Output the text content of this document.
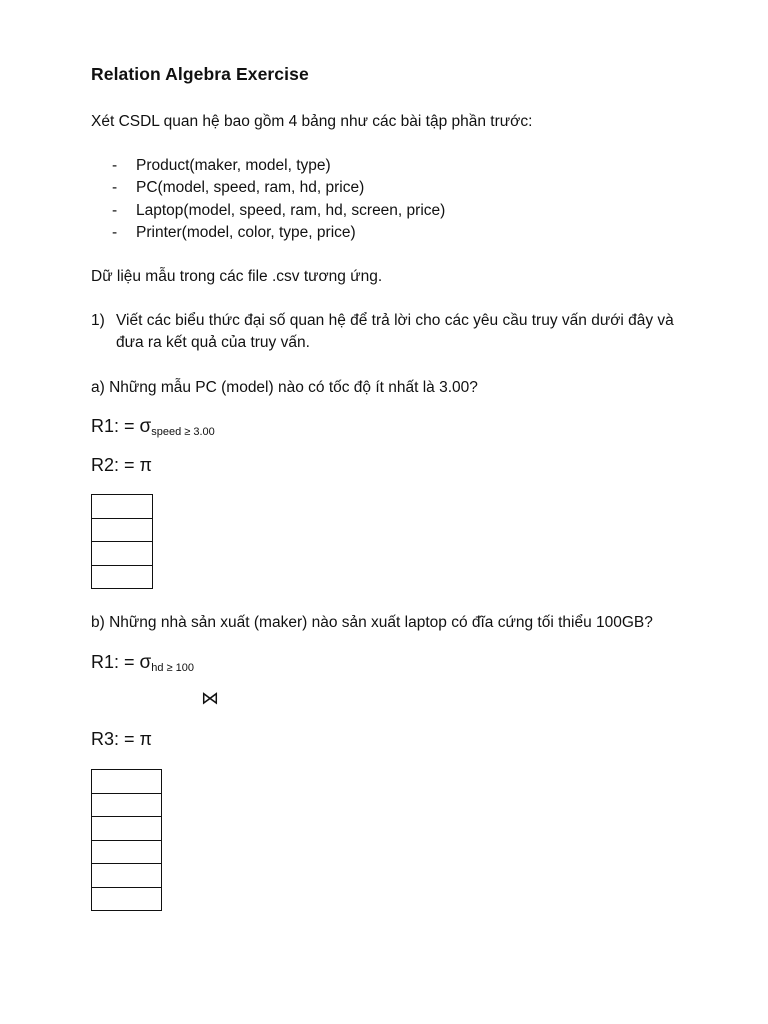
Relation Algebra Exercise
Xét CSDL quan hệ bao gồm 4 bảng như các bài tập phần trước:
- Product(maker, model, type)
- PC(model, speed, ram, hd, price)
- Laptop(model, speed, ram, hd, screen, price)
- Printer(model, color, type, price)
Dữ liệu mẫu trong các file .csv tương ứng.
1) Viết các biểu thức đại số quan hệ để trả lời cho các yêu cầu truy vấn dưới đây và
đưa ra kết quả của truy vấn.
a) Những mẫu PC (model) nào có tốc độ ít nhất là 3.00?
R1: = $\sigma_{speed \ge 3.00}$
R2: = π

b) Những nhà sản xuất (maker) nào sản xuất laptop có đĩa cứng tối thiểu 100GB?
R1: = $\sigma_{hd \ge 100}$
⋈
R3: = π
